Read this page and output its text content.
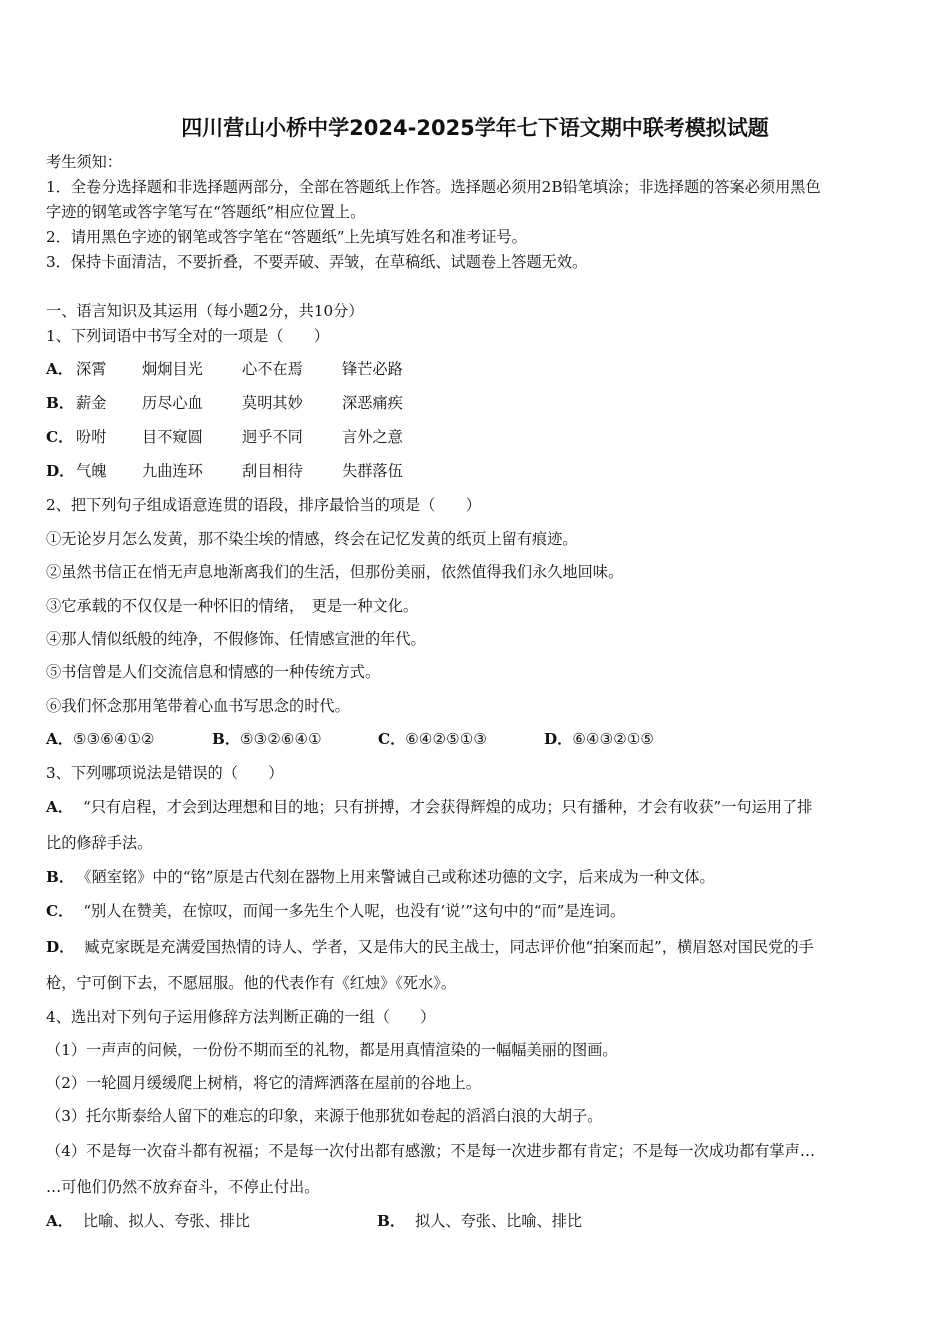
四川营山小桥中学2024-2025学年七下语文期中联考模拟试题
考生须知：
1．全卷分选择题和非选择题两部分，全部在答题纸上作答。选择题必须用2B铅笔填涂；非选择题的答案必须用黑色
字迹的钢笔或答字笔写在“答题纸”相应位置上。
2．请用黑色字迹的钢笔或答字笔在“答题纸”上先填写姓名和准考证号。
3．保持卡面清洁，不要折叠，不要弄破、弄皱，在草稿纸、试题卷上答题无效。
一、语言知识及其运用（每小题2分，共10分）
1、下列词语中书写全对的一项是（　　）
A． 深霄 炯炯目光	心不在焉	锋芒必路
B． 薪金 历尽心血	莫明其妙	深恶痛疾
C． 吩咐 目不窥圆	迥乎不同	言外之意
D． 气魄 九曲连环	刮目相待	失群落伍
2、把下列句子组成语意连贯的语段，排序最恰当的项是（　　）
①无论岁月怎么发黄，那不染尘埃的情感，终会在记忆发黄的纸页上留有痕迹。
②虽然书信正在悄无声息地渐离我们的生活，但那份美丽，依然值得我们永久地回味。
③它承载的不仅仅是一种怀旧的情绪，　更是一种文化。
④那人情似纸般的纯净，不假修饰、任情感宣泄的年代。
⑤书信曾是人们交流信息和情感的一种传统方式。
⑥我们怀念那用笔带着心血书写思念的时代。
A．⑤③⑥④①②	B．⑤③②⑥④①	C．⑥④②⑤①③	D．⑥④③②①⑤
3、下列哪项说法是错误的（　　）
A． “只有启程，才会到达理想和目的地；只有拼搏，才会获得辉煌的成功；只有播种，才会有收获”一句运用了排
比的修辞手法。
B． 《陋室铭》中的“铭”原是古代刻在器物上用来警诫自己或称述功德的文字，后来成为一种文体。
C． “别人在赞美，在惊叹，而闻一多先生个人呢，也没有‘说’”这句中的“而”是连词。
D． 臧克家既是充满爱国热情的诗人、学者，又是伟大的民主战士，同志评价他“拍案而起”，横眉怒对国民党的手
枪，宁可倒下去，不愿屈服。他的代表作有《红烛》《死水》。
4、选出对下列句子运用修辞方法判断正确的一组（　　）
（1）一声声的问候，一份份不期而至的礼物，都是用真情渲染的一幅幅美丽的图画。
（2）一轮圆月缓缓爬上树梢，将它的清辉洒落在屋前的谷地上。
（3）托尔斯泰给人留下的难忘的印象，来源于他那犹如卷起的滔滔白浪的大胡子。
（4）不是每一次奋斗都有祝福；不是每一次付出都有感激；不是每一次进步都有肯定；不是每一次成功都有掌声…
…可他们仍然不放弃奋斗，不停止付出。
A． 比喻、拟人、夸张、排比	B． 拟人、夸张、比喻、排比
